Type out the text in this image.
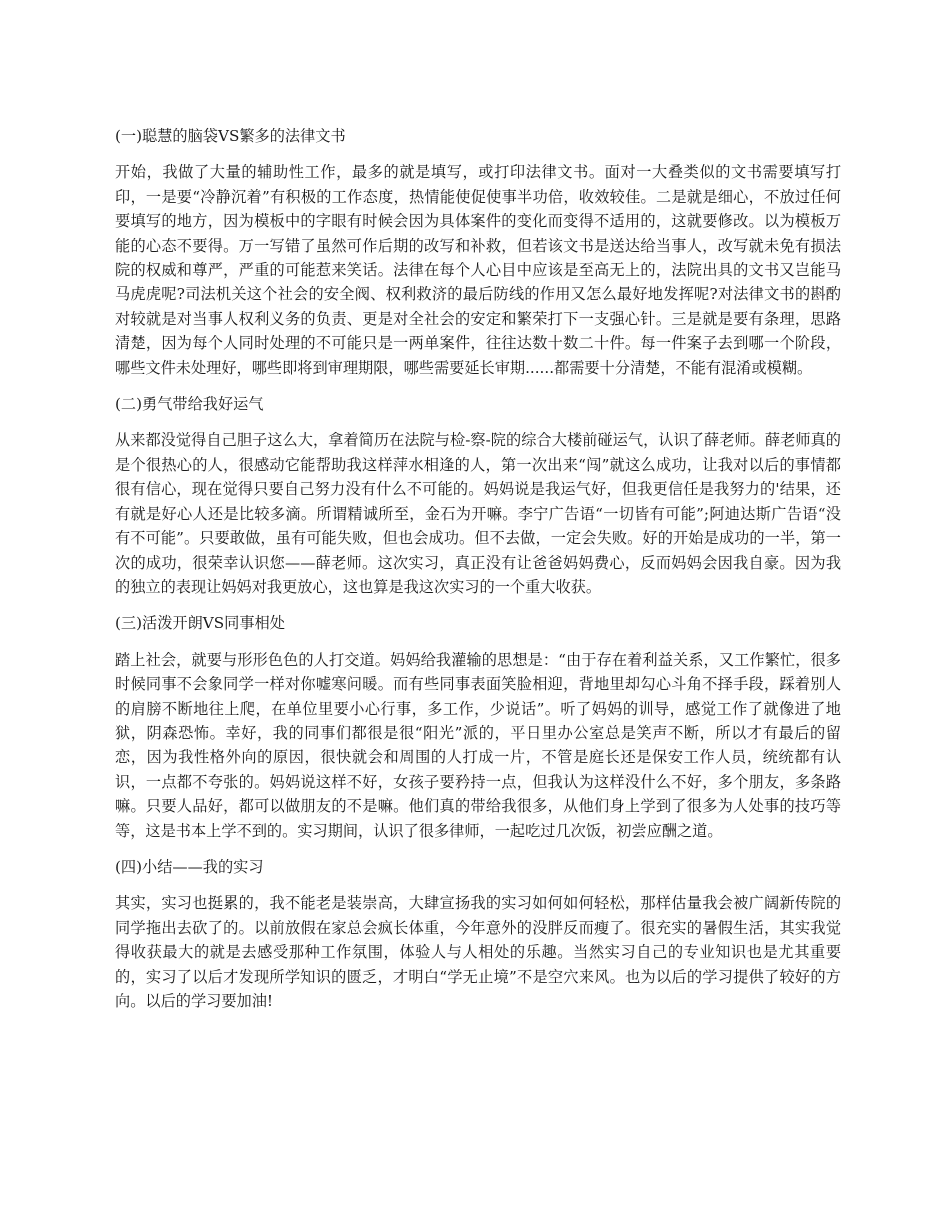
(一)聪慧的脑袋VS繁多的法律文书
开始，我做了大量的辅助性工作，最多的就是填写，或打印法律文书。面对一大叠类似的文书需要填写打印，一是要“冷静沉着”有积极的工作态度，热情能使促使事半功倍，收效较佳。二是就是细心，不放过任何要填写的地方，因为模板中的字眼有时候会因为具体案件的变化而变得不适用的，这就要修改。以为模板万能的心态不要得。万一写错了虽然可作后期的改写和补救，但若该文书是送达给当事人，改写就未免有损法院的权威和尊严，严重的可能惹来笑话。法律在每个人心目中应该是至高无上的，法院出具的文书又岂能马马虎虎呢?司法机关这个社会的安全阀、权利救济的最后防线的作用又怎么最好地发挥呢?对法律文书的斟酌对较就是对当事人权利义务的负责、更是对全社会的安定和繁荣打下一支强心针。三是就是要有条理，思路清楚，因为每个人同时处理的不可能只是一两单案件，往往达数十数二十件。每一件案子去到哪一个阶段，哪些文件未处理好，哪些即将到审理期限，哪些需要延长审期......都需要十分清楚，不能有混淆或模糊。
(二)勇气带给我好运气
从来都没觉得自己胆子这么大，拿着简历在法院与检-察-院的综合大楼前碰运气，认识了薛老师。薛老师真的是个很热心的人，很感动它能帮助我这样萍水相逢的人，第一次出来“闯”就这么成功，让我对以后的事情都很有信心，现在觉得只要自己努力没有什么不可能的。妈妈说是我运气好，但我更信任是我努力的'结果，还有就是好心人还是比较多滴。所谓精诚所至，金石为开嘛。李宁广告语“一切皆有可能”;阿迪达斯广告语“没有不可能”。只要敢做，虽有可能失败，但也会成功。但不去做，一定会失败。好的开始是成功的一半，第一次的成功，很荣幸认识您——薛老师。这次实习，真正没有让爸爸妈妈费心，反而妈妈会因我自豪。因为我的独立的表现让妈妈对我更放心，这也算是我这次实习的一个重大收获。
(三)活泼开朗VS同事相处
踏上社会，就要与形形色色的人打交道。妈妈给我灌输的思想是：“由于存在着利益关系，又工作繁忙，很多时候同事不会象同学一样对你嘘寒问暖。而有些同事表面笑脸相迎，背地里却勾心斗角不择手段，踩着别人的肩膀不断地往上爬，在单位里要小心行事，多工作，少说话”。听了妈妈的训导，感觉工作了就像进了地狱，阴森恐怖。幸好，我的同事们都很是很“阳光”派的，平日里办公室总是笑声不断，所以才有最后的留恋，因为我性格外向的原因，很快就会和周围的人打成一片，不管是庭长还是保安工作人员，统统都有认识，一点都不夸张的。妈妈说这样不好，女孩子要矜持一点，但我认为这样没什么不好，多个朋友，多条路嘛。只要人品好，都可以做朋友的不是嘛。他们真的带给我很多，从他们身上学到了很多为人处事的技巧等等，这是书本上学不到的。实习期间，认识了很多律师，一起吃过几次饭，初尝应酬之道。
(四)小结——我的实习
其实，实习也挺累的，我不能老是装崇高，大肆宣扬我的实习如何如何轻松，那样估量我会被广阔新传院的同学拖出去砍了的。以前放假在家总会疯长体重，今年意外的没胖反而瘦了。很充实的暑假生活，其实我觉得收获最大的就是去感受那种工作氛围，体验人与人相处的乐趣。当然实习自己的专业知识也是尤其重要的，实习了以后才发现所学知识的匮乏，才明白“学无止境”不是空穴来风。也为以后的学习提供了较好的方向。以后的学习要加油!
